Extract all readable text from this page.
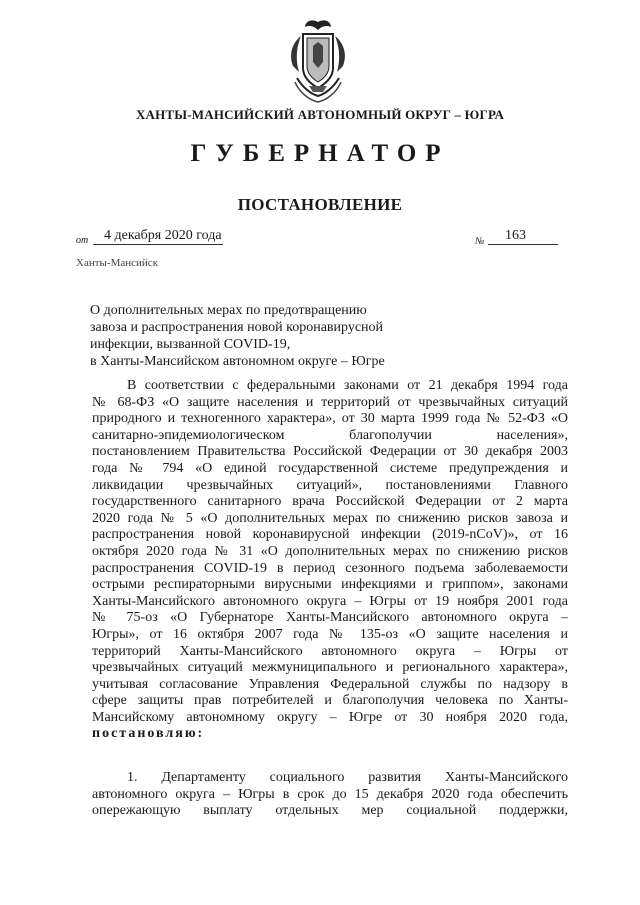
ХАНТЫ-МАНСИЙСКИЙ АВТОНОМНЫЙ ОКРУГ – ЮГРА
ГУБЕРНАТОР
ПОСТАНОВЛЕНИЕ
от 4 декабря 2020 года	№ 163
Ханты-Мансийск
О дополнительных мерах по предотвращению
завоза и распространения новой коронавирусной
инфекции, вызванной COVID-19,
в Ханты-Мансийском автономном округе – Югре
В соответствии с федеральными законами от 21 декабря 1994 года
№ 68-ФЗ «О защите населения и территорий от чрезвычайных ситуаций
природного и техногенного характера», от 30 марта 1999 года № 52-ФЗ «О
санитарно-эпидемиологическом благополучии населения»,
постановлением Правительства Российской Федерации от 30 декабря 2003
года № 794 «О единой государственной системе предупреждения и
ликвидации чрезвычайных ситуаций», постановлениями Главного
государственного санитарного врача Российской Федерации от 2 марта
2020 года № 5 «О дополнительных мерах по снижению рисков завоза и
распространения новой коронавирусной инфекции (2019-nCoV)», от 16
октября 2020 года № 31 «О дополнительных мерах по снижению рисков
распространения COVID-19 в период сезонного подъема заболеваемости
острыми респираторными вирусными инфекциями и гриппом», законами
Ханты-Мансийского автономного округа – Югры от 19 ноября 2001 года
№ 75-оз «О Губернаторе Ханты-Мансийского автономного округа –
Югры», от 16 октября 2007 года № 135-оз «О защите населения и
территорий Ханты-Мансийского автономного округа – Югры от
чрезвычайных ситуаций межмуниципального и регионального характера»,
учитывая согласование Управления Федеральной службы по надзору в
сфере защиты прав потребителей и благополучия человека по Ханты-
Мансийскому автономному округу – Югре от 30 ноября 2020 года,
постановляю:
1. Департаменту социального развития Ханты-Мансийского
автономного округа – Югры в срок до 15 декабря 2020 года обеспечить
опережающую выплату отдельных мер социальной поддержки,
